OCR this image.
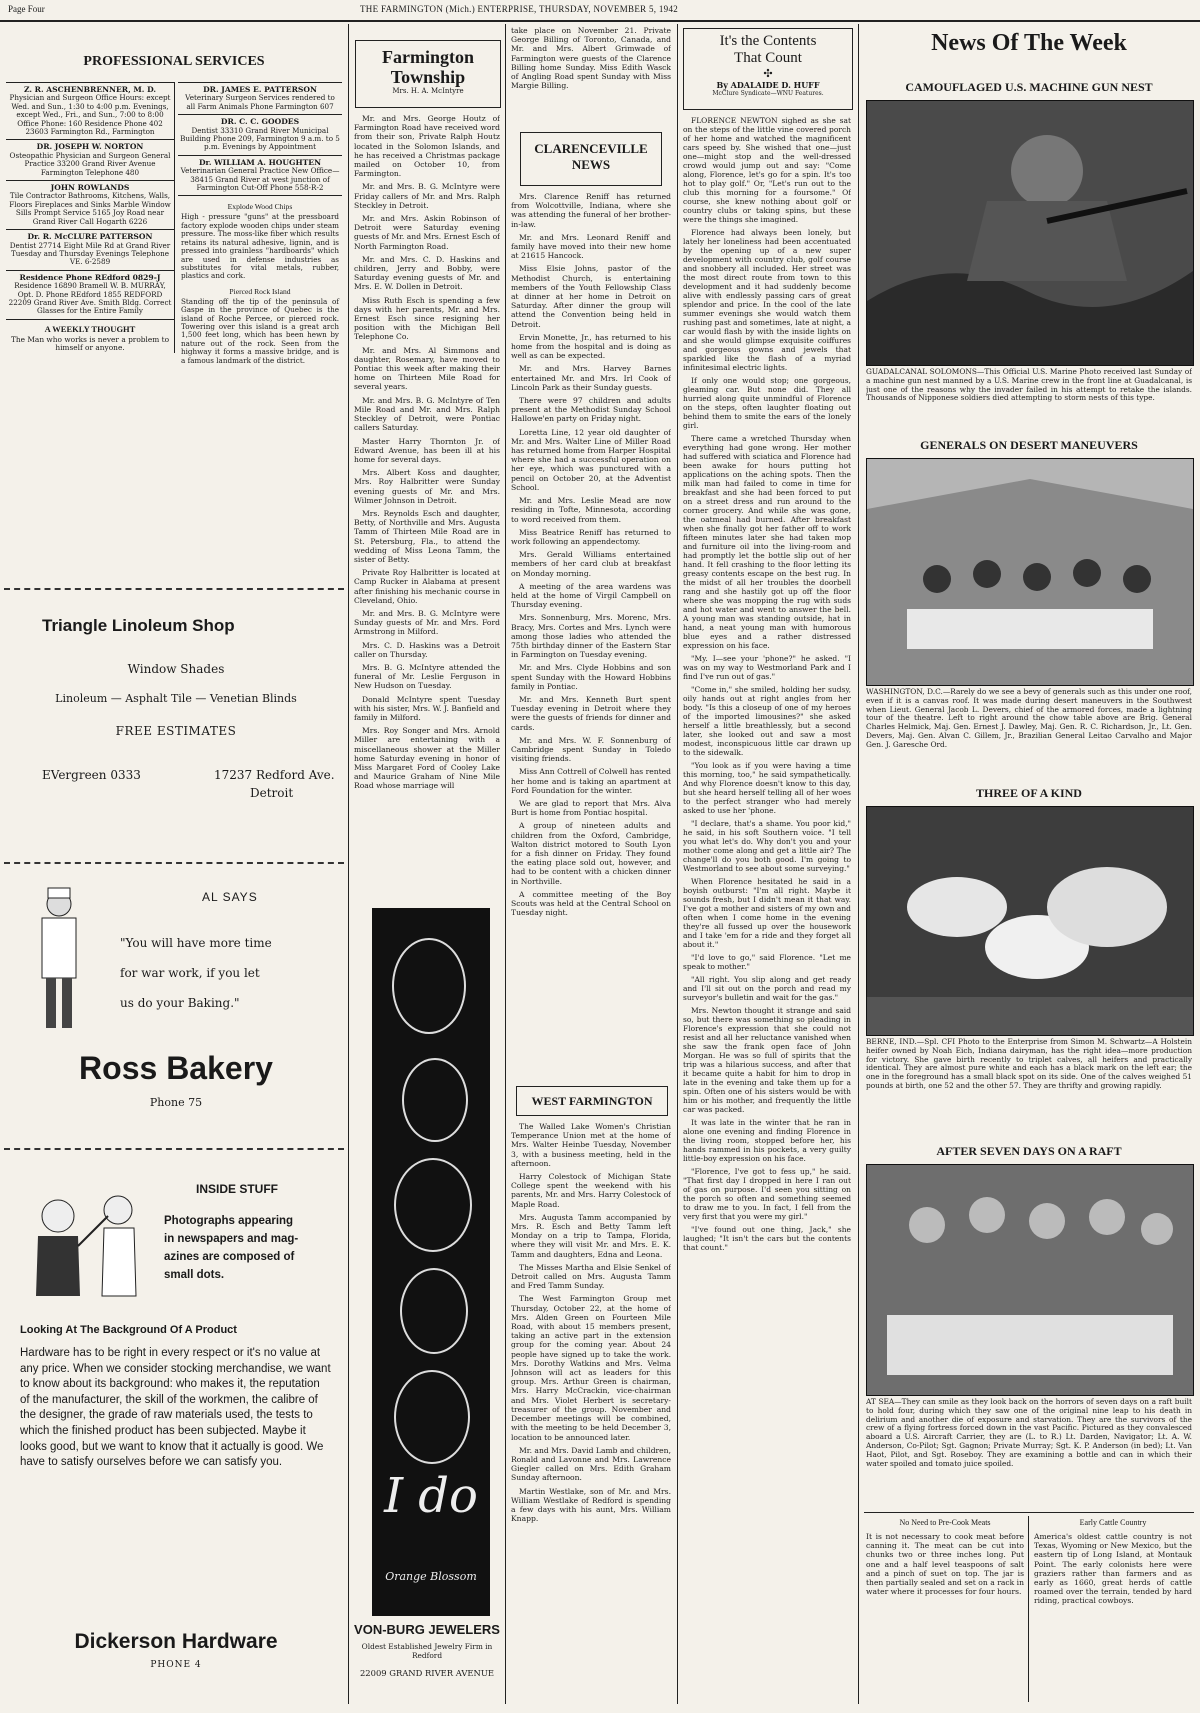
Page Four	THE FARMINGTON (Mich.) ENTERPRISE, THURSDAY, NOVEMBER 5, 1942
PROFESSIONAL SERVICES
Z. R. ASCHENBRENNER, M. D.
Physician and Surgeon Office Hours: except Wed. and Sun., 1:30 to 4:00 p.m. Evenings, except Wed., Fri., and Sun., 7:00 to 8:00 Office Phone: 160 Residence Phone 402 23603 Farmington Rd., Farmington
DR. JOSEPH W. NORTON
Osteopathic Physician and Surgeon General Practice 33200 Grand River Avenue Farmington Telephone 480
JOHN ROWLANDS
Tile Contractor Bathrooms, Kitchens, Walls, Floors Fireplaces and Sinks Marble Window Sills Prompt Service 5165 Joy Road near Grand River Call Hogarth 6226
Dr. R. McCLURE PATTERSON
Dentist 27714 Eight Mile Rd at Grand River Tuesday and Thursday Evenings Telephone VE. 6-2589
Residence Phone REdford 0829-J
Residence 16890 Bramell W. B. MURRAY, Opt. D. Phone REdford 1855 REDFORD 22209 Grand River Ave. Smith Bldg. Correct Glasses for the Entire Family
A WEEKLY THOUGHT
The Man who works is never a problem to himself or anyone.
DR. JAMES E. PATTERSON
Veterinary Surgeon Services rendered to all Farm Animals Phone Farmington 607
DR. C. C. GOODES
Dentist 33310 Grand River Municipal Building Phone 209, Farmington 9 a.m. to 5 p.m. Evenings by Appointment
Dr. WILLIAM A. HOUGHTEN
Veterinarian General Practice New Office—38415 Grand River at west junction of Farmington Cut-Off Phone 558-R-2
Explode Wood Chips
High - pressure "guns" at the pressboard factory explode wooden chips under steam pressure. The moss-like fiber which results retains its natural adhesive, lignin, and is pressed into grainless "hardboards" which are used in defense industries as substitutes for vital metals, rubber, plastics and cork.
Pierced Rock Island
Standing off the tip of the peninsula of Gaspe in the province of Quebec is the island of Roche Percee, or pierced rock. Towering over this island is a great arch 1,500 feet long, which has been hewn by nature out of the rock. Seen from the highway it forms a massive bridge, and is a famous landmark of the district.
Triangle Linoleum Shop
Window Shades
Linoleum — Asphalt Tile — Venetian Blinds
FREE ESTIMATES
EVergreen 0333	17237 Redford Ave.
Detroit
AL SAYS
"You will have more time
for war work, if you let
us do your Baking."
Ross Bakery
Phone 75
INSIDE STUFF
Photographs appearing
in newspapers and mag-
azines are composed of
small dots.
Looking At The Background Of A Product
Hardware has to be right in every respect or it's no value at any price. When we consider stocking merchandise, we want to know about its background: who makes it, the reputation of the manufacturer, the skill of the workmen, the calibre of the designer, the grade of raw materials used, the tests to which the finished product has been subjected. Maybe it looks good, but we want to know that it actually is good. We have to satisfy ourselves before we can satisfy you.
Dickerson Hardware
PHONE 4
Farmington
Township
Mrs. H. A. McIntyre

Mr. and Mrs. George Houtz of Farmington Road have received word from their son, Private Ralph Houtz located in the Solomon Islands, and he has received a Christmas package mailed on October 10, from Farmington.

Mr. and Mrs. B. G. McIntyre were Friday callers of Mr. and Mrs. Ralph Steckley in Detroit.

Mr. and Mrs. Askin Robinson of Detroit were Saturday evening guests of Mr. and Mrs. Ernest Esch of North Farmington Road.

Mr. and Mrs. C. D. Haskins and children, Jerry and Bobby, were Saturday evening guests of Mr. and Mrs. E. W. Dollen in Detroit.

Miss Ruth Esch is spending a few days with her parents, Mr. and Mrs. Ernest Esch since resigning her position with the Michigan Bell Telephone Co.

Mr. and Mrs. Al Simmons and daughter, Rosemary, have moved to Pontiac this week after making their home on Thirteen Mile Road for several years.

Mr. and Mrs. B. G. McIntyre of Ten Mile Road and Mr. and Mrs. Ralph Steckley of Detroit, were Pontiac callers Saturday.

Master Harry Thornton Jr. of Edward Avenue, has been ill at his home for several days.

Mrs. Albert Koss and daughter, Mrs. Roy Halbritter were Sunday evening guests of Mr. and Mrs. Wilmer Johnson in Detroit.

Mrs. Reynolds Esch and daughter, Betty, of Northville and Mrs. Augusta Tamm of Thirteen Mile Road are in St. Petersburg, Fla., to attend the wedding of Miss Leona Tamm, the sister of Betty.

Private Roy Halbritter is located at Camp Rucker in Alabama at present after finishing his mechanic course in Cleveland, Ohio.

Mr. and Mrs. B. G. McIntyre were Sunday guests of Mr. and Mrs. Ford Armstrong in Milford.

Mrs. C. D. Haskins was a Detroit caller on Thursday.

Mrs. B. G. McIntyre attended the funeral of Mr. Leslie Ferguson in New Hudson on Tuesday.

Donald McIntyre spent Tuesday with his sister, Mrs. W. J. Banfield and family in Milford.

Mrs. Roy Songer and Mrs. Arnold Miller are entertaining with a miscellaneous shower at the Miller home Saturday evening in honor of Miss Margaret Ford of Cooley Lake and Maurice Graham of Nine Mile Road whose marriage will

I do
Orange Blossom
VON-BURG JEWELERS
Oldest Established Jewelry Firm in Redford
22009 GRAND RIVER AVENUE

take place on November 21. Private George Billing of Toronto, Canada, and Mr. and Mrs. Albert Grimwade of Farmington were guests of the Clarence Billing home Sunday. Miss Edith Wasck of Angling Road spent Sunday with Miss Margie Billing.

CLARENCEVILLE
NEWS

Mrs. Clarence Reniff has returned from Wolcottville, Indiana, where she was attending the funeral of her brother-in-law.

Mr. and Mrs. Leonard Reniff and family have moved into their new home at 21615 Hancock.

Miss Elsie Johns, pastor of the Methodist Church, is entertaining members of the Youth Fellowship Class at dinner at her home in Detroit on Saturday. After dinner the group will attend the Convention being held in Detroit.

Ervin Monette, Jr., has returned to his home from the hospital and is doing as well as can be expected.

Mr. and Mrs. Harvey Barnes entertained Mr. and Mrs. Irl Cook of Lincoln Park as their Sunday guests.

There were 97 children and adults present at the Methodist Sunday School Hallowe'en party on Friday night.

Loretta Line, 12 year old daughter of Mr. and Mrs. Walter Line of Miller Road has returned home from Harper Hospital where she had a successful operation on her eye, which was punctured with a pencil on October 20, at the Adventist School.

Mr. and Mrs. Leslie Mead are now residing in Tofte, Minnesota, according to word received from them.

Miss Beatrice Reniff has returned to work following an appendectomy.

Mrs. Gerald Williams entertained members of her card club at breakfast on Monday morning.

A meeting of the area wardens was held at the home of Virgil Campbell on Thursday evening.

Mrs. Sonnenburg, Mrs. Morenc, Mrs. Bracy, Mrs. Cortes and Mrs. Lynch were among those ladies who attended the 75th birthday dinner of the Eastern Star in Farmington on Tuesday evening.

Mr. and Mrs. Clyde Hobbins and son spent Sunday with the Howard Hobbins family in Pontiac.

Mr. and Mrs. Kenneth Burt spent Tuesday evening in Detroit where they were the guests of friends for dinner and cards.

Mr. and Mrs. W. F. Sonnenburg of Cambridge spent Sunday in Toledo visiting friends.

Miss Ann Cottrell of Colwell has rented her home and is taking an apartment at Ford Foundation for the winter.

We are glad to report that Mrs. Alva Burt is home from Pontiac hospital.

A group of nineteen adults and children from the Oxford, Cambridge, Walton district motored to South Lyon for a fish dinner on Friday. They found the eating place sold out, however, and had to be content with a chicken dinner in Northville.

A committee meeting of the Boy Scouts was held at the Central School on Tuesday night.

WEST FARMINGTON

The Walled Lake Women's Christian Temperance Union met at the home of Mrs. Walter Heinbe Tuesday, November 3, with a business meeting, held in the afternoon.

Harry Colestock of Michigan State College spent the weekend with his parents, Mr. and Mrs. Harry Colestock of Maple Road.

Mrs. Augusta Tamm accompanied by Mrs. R. Esch and Betty Tamm left Monday on a trip to Tampa, Florida, where they will visit Mr. and Mrs. E. K. Tamm and daughters, Edna and Leona.

The Misses Martha and Elsie Senkel of Detroit called on Mrs. Augusta Tamm and Fred Tamm Sunday.

The West Farmington Group met Thursday, October 22, at the home of Mrs. Alden Green on Fourteen Mile Road, with about 15 members present, taking an active part in the extension group for the coming year. About 24 people have signed up to take the work. Mrs. Dorothy Watkins and Mrs. Velma Johnson will act as leaders for this group. Mrs. Arthur Green is chairman, Mrs. Harry McCrackin, vice-chairman and Mrs. Violet Herbert is secretary-treasurer of the group. November and December meetings will be combined, with the meeting to be held December 3, location to be announced later.

Mr. and Mrs. David Lamb and children, Ronald and Lavonne and Mrs. Lawrence Giegler called on Mrs. Edith Graham Sunday afternoon.

Martin Westlake, son of Mr. and Mrs. William Westlake of Redford is spending a few days with his aunt, Mrs. William Knapp.

It's the Contents
That Count
✣
By ADALAIDE D. HUFF
McClure Syndicate—WNU Features.

FLORENCE NEWTON sighed as she sat on the steps of the little vine covered porch of her home and watched the magnificent cars speed by. She wished that one—just one—might stop and the well-dressed crowd would jump out and say: "Come along, Florence, let's go for a spin. It's too hot to play golf." Or, "Let's run out to the club this morning for a foursome." Of course, she knew nothing about golf or country clubs or taking spins, but these were the things she imagined.

Florence had always been lonely, but lately her loneliness had been accentuated by the opening up of a new super development with country club, golf course and snobbery all included. Her street was the most direct route from town to this development and it had suddenly become alive with endlessly passing cars of great splendor and price. In the cool of the late summer evenings she would watch them rushing past and sometimes, late at night, a car would flash by with the inside lights on and she would glimpse exquisite coiffures and gorgeous gowns and jewels that sparkled like the flash of a myriad infinitesimal electric lights.

If only one would stop; one gorgeous, gleaming car. But none did. They all hurried along quite unmindful of Florence on the steps, often laughter floating out behind them to smite the ears of the lonely girl.

There came a wretched Thursday when everything had gone wrong. Her mother had suffered with sciatica and Florence had been awake for hours putting hot applications on the aching spots. Then the milk man had failed to come in time for breakfast and she had been forced to put on a street dress and run around to the corner grocery. And while she was gone, the oatmeal had burned. After breakfast when she finally got her father off to work fifteen minutes later she had taken mop and furniture oil into the living-room and had promptly let the bottle slip out of her hand. It fell crashing to the floor letting its greasy contents escape on the best rug. In the midst of all her troubles the doorbell rang and she hastily got up off the floor where she was mopping the rug with suds and hot water and went to answer the bell. A young man was standing outside, hat in hand, a neat young man with humorous blue eyes and a rather distressed expression on his face.

"My. I—see your 'phone?" he asked. "I was on my way to Westmorland Park and I find I've run out of gas."

"Come in," she smiled, holding her sudsy, oily hands out at right angles from her body. "Is this a closeup of one of my heroes of the imported limousines?" she asked herself a little breathlessly, but a second later, she looked out and saw a most modest, inconspicuous little car drawn up to the sidewalk.

"You look as if you were having a time this morning, too," he said sympathetically. And why Florence doesn't know to this day, but she heard herself telling all of her woes to the perfect stranger who had merely asked to use her 'phone.

"I declare, that's a shame. You poor kid," he said, in his soft Southern voice. "I tell you what let's do. Why don't you and your mother come along and get a little air? The change'll do you both good. I'm going to Westmorland to see about some surveying."

When Florence hesitated he said in a boyish outburst: "I'm all right. Maybe it sounds fresh, but I didn't mean it that way. I've got a mother and sisters of my own and often when I come home in the evening they're all fussed up over the housework and I take 'em for a ride and they forget all about it."

"I'd love to go," said Florence. "Let me speak to mother."

"All right. You slip along and get ready and I'll sit out on the porch and read my surveyor's bulletin and wait for the gas."

Mrs. Newton thought it strange and said so, but there was something so pleading in Florence's expression that she could not resist and all her reluctance vanished when she saw the frank open face of John Morgan. He was so full of spirits that the trip was a hilarious success, and after that it became quite a habit for him to drop in late in the evening and take them up for a spin. Often one of his sisters would be with him or his mother, and frequently the little car was packed.

It was late in the winter that he ran in alone one evening and finding Florence in the living room, stopped before her, his hands rammed in his pockets, a very guilty little-boy expression on his face.

"Florence, I've got to fess up," he said. "That first day I dropped in here I ran out of gas on purpose. I'd seen you sitting on the porch so often and something seemed to draw me to you. In fact, I fell from the very first that you were my girl."

"I've found out one thing, Jack," she laughed; "It isn't the cars but the contents that count."

News Of The Week
CAMOUFLAGED U.S. MACHINE GUN NEST
GUADALCANAL SOLOMONS—This Official U.S. Marine Photo received last Sunday of a machine gun nest manned by a U.S. Marine crew in the front line at Guadalcanal, is just one of the reasons why the invader failed in his attempt to retake the islands. Thousands of Nipponese soldiers died attempting to storm nests of this type.
GENERALS ON DESERT MANEUVERS
WASHINGTON, D.C.—Rarely do we see a bevy of generals such as this under one roof, even if it is a canvas roof. It was made during desert maneuvers in the Southwest when Lieut. General Jacob L. Devers, chief of the armored forces, made a lightning tour of the theatre. Left to right around the chow table above are Brig. General Charles Helmick, Maj. Gen. Ernest J. Dawley, Maj. Gen. R. C. Richardson, Jr., Lt. Gen. Devers, Maj. Gen. Alvan C. Gillem, Jr., Brazilian General Leitao Carvalho and Major Gen. J. Garesche Ord.
THREE OF A KIND
BERNE, IND.—Spl. CFI Photo to the Enterprise from Simon M. Schwartz—A Holstein heifer owned by Noah Eich, Indiana dairyman, has the right idea—more production for victory. She gave birth recently to triplet calves, all heifers and practically identical. They are almost pure white and each has a black mark on the left ear; the one in the foreground has a small black spot on its side. One of the calves weighed 51 pounds at birth, one 52 and the other 57. They are thrifty and growing rapidly.
AFTER SEVEN DAYS ON A RAFT
AT SEA—They can smile as they look back on the horrors of seven days on a raft built to hold four, during which they saw one of the original nine leap to his death in delirium and another die of exposure and starvation. They are the survivors of the crew of a flying fortress forced down in the vast Pacific. Pictured as they convalesced aboard a U.S. Aircraft Carrier, they are (L. to R.) Lt. Darden, Navigator; Lt. A. W. Anderson, Co-Pilot; Sgt. Gagnon; Private Murray; Sgt. K. P. Anderson (in bed); Lt. Van Haot, Pilot, and Sgt. Roseboy. They are examining a bottle and can in which their water spoiled and tomato juice spoiled.
No Need to Pre-Cook Meats
It is not necessary to cook meat before canning it. The meat can be cut into chunks two or three inches long. Put one and a half level teaspoons of salt and a pinch of suet on top. The jar is then partially sealed and set on a rack in water where it processes for four hours.
Early Cattle Country
America's oldest cattle country is not Texas, Wyoming or New Mexico, but the eastern tip of Long Island, at Montauk Point. The early colonists here were graziers rather than farmers and as early as 1660, great herds of cattle roamed over the terrain, tended by hard riding, practical cowboys.
